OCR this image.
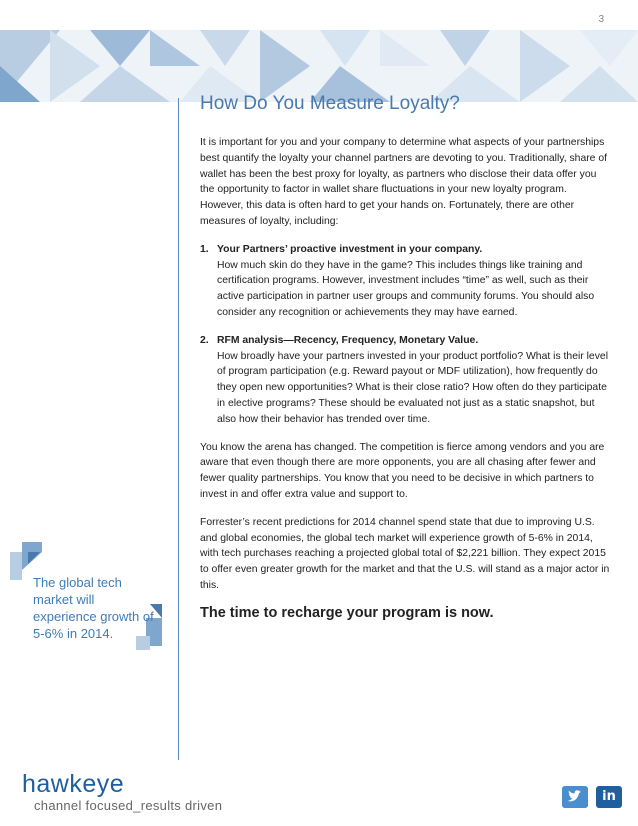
3
How Do You Measure Loyalty?

It is important for you and your company to determine what aspects of your partnerships best quantify the loyalty your channel partners are devoting to you. Traditionally, share of wallet has been the best proxy for loyalty, as partners who disclose their data offer you the opportunity to factor in wallet share fluctuations in your new loyalty program. However, this data is often hard to get your hands on. Fortunately, there are other measures of loyalty, including:

1. Your Partners’ proactive investment in your company.
How much skin do they have in the game? This includes things like training and certification programs. However, investment includes “time” as well, such as their active participation in partner user groups and community forums. You should also consider any recognition or achievements they may have earned.
2. RFM analysis—Recency, Frequency, Monetary Value.
How broadly have your partners invested in your product portfolio? What is their level of program participation (e.g. Reward payout or MDF utilization), how frequently do they open new opportunities? What is their close ratio? How often do they participate in elective programs? These should be evaluated not just as a static snapshot, but also how their behavior has trended over time.

You know the arena has changed. The competition is fierce among vendors and you are aware that even though there are more opponents, you are all chasing after fewer and fewer quality partnerships. You know that you need to be decisive in which partners to invest in and offer extra value and support to.

Forrester’s recent predictions for 2014 channel spend state that due to improving U.S. and global economies, the global tech market will experience growth of 5-6% in 2014, with tech purchases reaching a projected global total of $2,221 billion. They expect 2015 to offer even greater growth for the market and that the U.S. will stand as a major actor in this.

The time to recharge your program is now.
The global tech market will experience growth of 5-6% in 2014.
hawkeye
channel focused_results driven
in
